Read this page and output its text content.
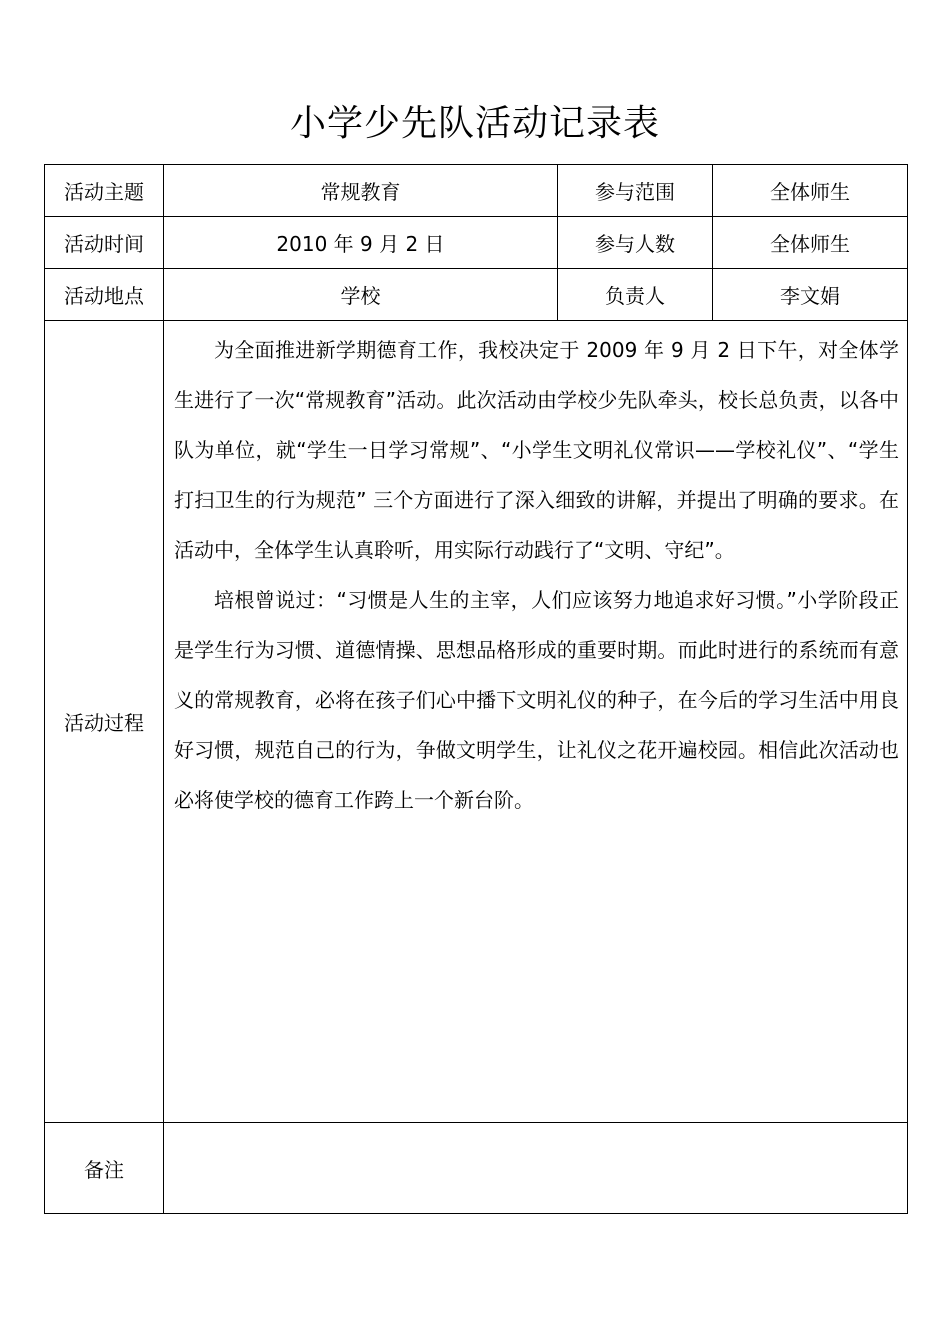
小学少先队活动记录表
活动主题	常规教育	参与范围	全体师生
活动时间	2010 年 9 月 2 日	参与人数	全体师生
活动地点	学校	负责人	李文娟
活动过程	为全面推进新学期德育工作，我校决定于 2009 年 9 月 2 日下午，对全体学生进行了一次“常规教育”活动。此次活动由学校少先队牵头，校长总负责，以各中队为单位，就“学生一日学习常规”、“小学生文明礼仪常识——学校礼仪”、“学生打扫卫生的行为规范” 三个方面进行了深入细致的讲解，并提出了明确的要求。在活动中，全体学生认真聆听，用实际行动践行了“文明、守纪”。

培根曾说过：“习惯是人生的主宰，人们应该努力地追求好习惯。”小学阶段正是学生行为习惯、道德情操、思想品格形成的重要时期。而此时进行的系统而有意义的常规教育，必将在孩子们心中播下文明礼仪的种子，在今后的学习生活中用良好习惯，规范自己的行为，争做文明学生，让礼仪之花开遍校园。相信此次活动也必将使学校的德育工作跨上一个新台阶。		

备注			
